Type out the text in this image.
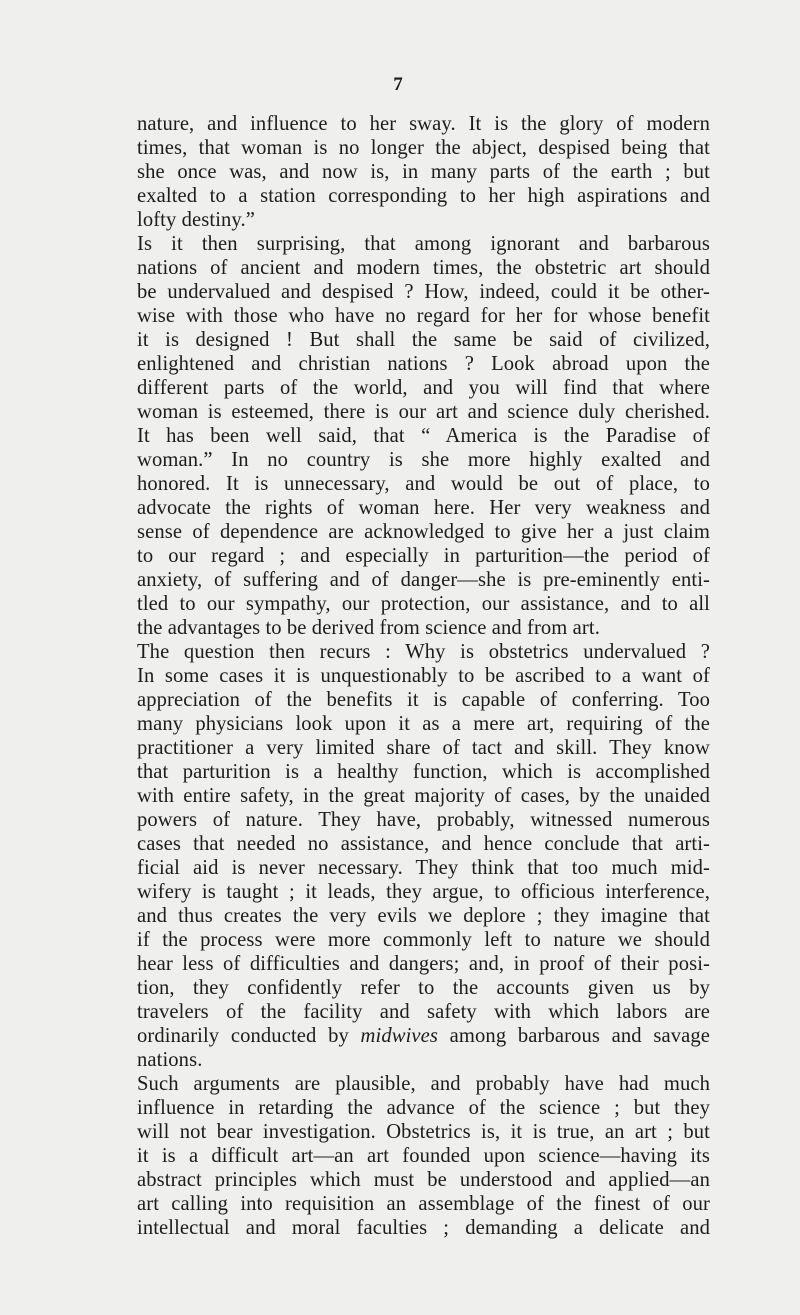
7
nature, and influence to her sway. It is the glory of modern
times, that woman is no longer the abject, despised being that
she once was, and now is, in many parts of the earth ; but
exalted to a station corresponding to her high aspirations and
lofty destiny.”
Is it then surprising, that among ignorant and barbarous
nations of ancient and modern times, the obstetric art should
be undervalued and despised ? How, indeed, could it be other-
wise with those who have no regard for her for whose benefit
it is designed ! But shall the same be said of civilized,
enlightened and christian nations ? Look abroad upon the
different parts of the world, and you will find that where
woman is esteemed, there is our art and science duly cherished.
It has been well said, that “ America is the Paradise of
woman.” In no country is she more highly exalted and
honored. It is unnecessary, and would be out of place, to
advocate the rights of woman here. Her very weakness and
sense of dependence are acknowledged to give her a just claim
to our regard ; and especially in parturition—the period of
anxiety, of suffering and of danger—she is pre-eminently enti-
tled to our sympathy, our protection, our assistance, and to all
the advantages to be derived from science and from art.
The question then recurs : Why is obstetrics undervalued ?
In some cases it is unquestionably to be ascribed to a want of
appreciation of the benefits it is capable of conferring. Too
many physicians look upon it as a mere art, requiring of the
practitioner a very limited share of tact and skill. They know
that parturition is a healthy function, which is accomplished
with entire safety, in the great majority of cases, by the unaided
powers of nature. They have, probably, witnessed numerous
cases that needed no assistance, and hence conclude that arti-
ficial aid is never necessary. They think that too much mid-
wifery is taught ; it leads, they argue, to officious interference,
and thus creates the very evils we deplore ; they imagine that
if the process were more commonly left to nature we should
hear less of difficulties and dangers; and, in proof of their posi-
tion, they confidently refer to the accounts given us by
travelers of the facility and safety with which labors are
ordinarily conducted by midwives among barbarous and savage
nations.
Such arguments are plausible, and probably have had much
influence in retarding the advance of the science ; but they
will not bear investigation. Obstetrics is, it is true, an art ; but
it is a difficult art—an art founded upon science—having its
abstract principles which must be understood and applied—an
art calling into requisition an assemblage of the finest of our
intellectual and moral faculties ; demanding a delicate and
